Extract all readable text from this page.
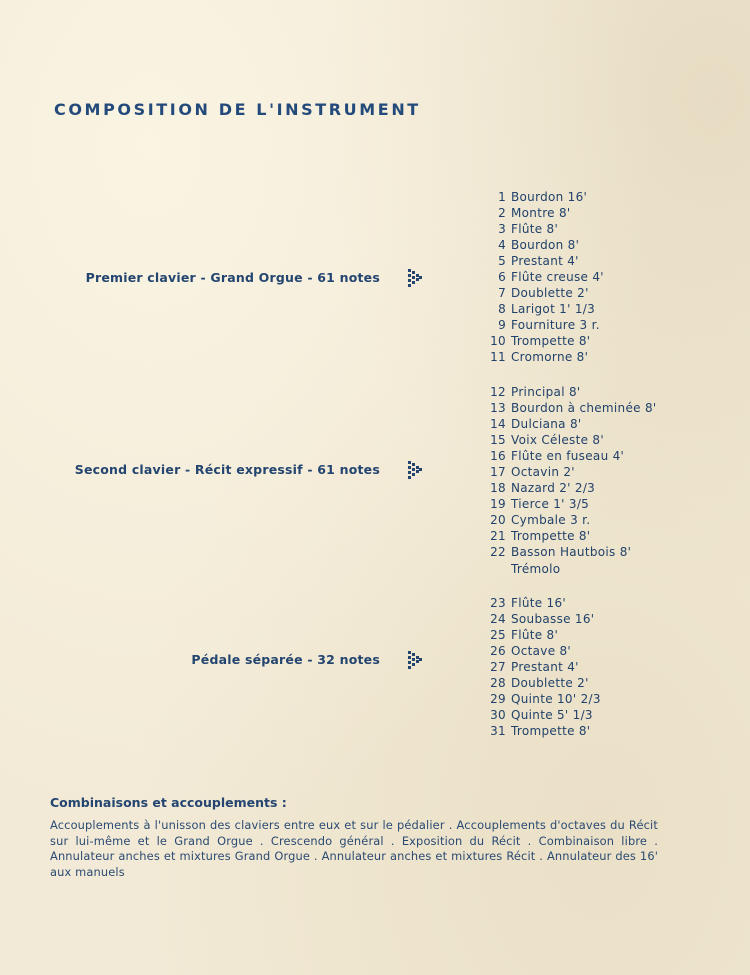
COMPOSITION DE L'INSTRUMENT
Premier clavier - Grand Orgue - 61 notes
1 Bourdon 16'
2 Montre 8'
3 Flûte 8'
4 Bourdon 8'
5 Prestant 4'
6 Flûte creuse 4'
7 Doublette 2'
8 Larigot 1' 1/3
9 Fourniture 3 r.
10 Trompette 8'
11 Cromorne 8'
Second clavier - Récit expressif - 61 notes
12 Principal 8'
13 Bourdon à cheminée 8'
14 Dulciana 8'
15 Voix Céleste 8'
16 Flûte en fuseau 4'
17 Octavin 2'
18 Nazard 2' 2/3
19 Tierce 1' 3/5
20 Cymbale 3 r.
21 Trompette 8'
22 Basson Hautbois 8'
Trémolo
Pédale séparée - 32 notes
23 Flûte 16'
24 Soubasse 16'
25 Flûte 8'
26 Octave 8'
27 Prestant 4'
28 Doublette 2'
29 Quinte 10' 2/3
30 Quinte 5' 1/3
31 Trompette 8'
Combinaisons et accouplements :

Accouplements à l'unisson des claviers entre eux et sur le pédalier . Accouplements d'octaves du Récit sur lui-même et le Grand Orgue . Crescendo général . Exposition du Récit . Combinaison libre . Annulateur anches et mixtures Grand Orgue . Annulateur anches et mixtures Récit . Annulateur des 16' aux manuels
